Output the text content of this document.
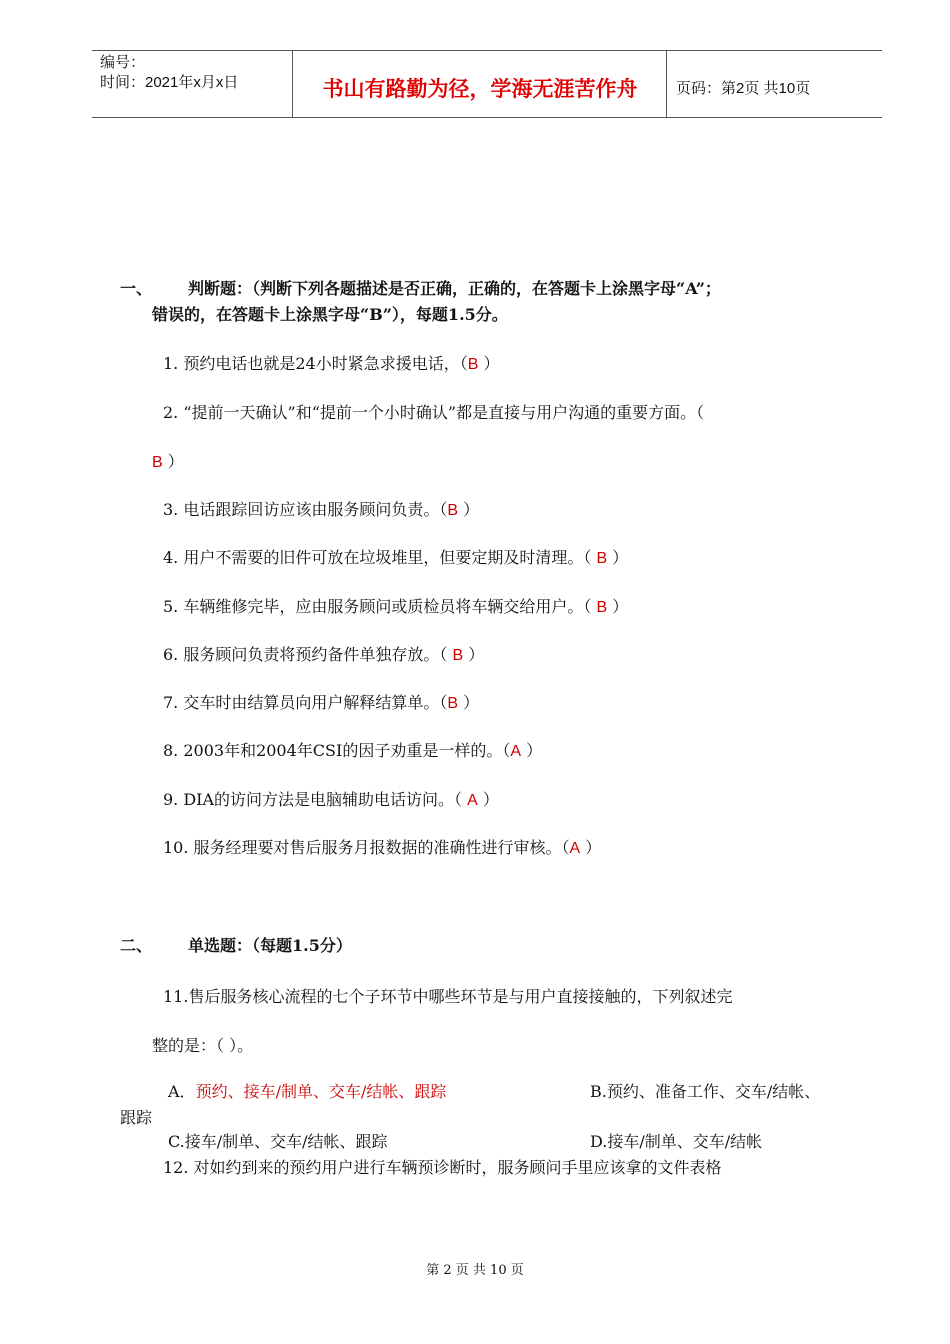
编号：
时间：2021年x月x日	书山有路勤为径，学海无涯苦作舟	页码：第2页 共10页
一、 判断题：（判断下列各题描述是否正确，正确的，在答题卡上涂黑字母“A”；
错误的，在答题卡上涂黑字母“B”），每题1.5分。
1. 预约电话也就是24小时紧急求援电话，（B ）
2. “提前一天确认”和“提前一个小时确认”都是直接与用户沟通的重要方面。（
B ）
3. 电话跟踪回访应该由服务顾问负责。（B ）
4. 用户不需要的旧件可放在垃圾堆里，但要定期及时清理。（ B ）
5. 车辆维修完毕，应由服务顾问或质检员将车辆交给用户。（ B ）
6. 服务顾问负责将预约备件单独存放。（ B ）
7. 交车时由结算员向用户解释结算单。（B ）
8. 2003年和2004年CSI的因子劝重是一样的。（A ）
9. DIA的访问方法是电脑辅助电话访问。（ A ）
10. 服务经理要对售后服务月报数据的准确性进行审核。（A ）
二、 单选题：（每题1.5分）
11.售后服务核心流程的七个子环节中哪些环节是与用户直接接触的，下列叙述完
整的是：（ ）。
A．预约、接车/制单、交车/结帐、跟踪	B.预约、准备工作、交车/结帐、
跟踪
C.接车/制单、交车/结帐、跟踪	D.接车/制单、交车/结帐
12. 对如约到来的预约用户进行车辆预诊断时，服务顾问手里应该拿的文件表格
第 2 页 共 10 页
